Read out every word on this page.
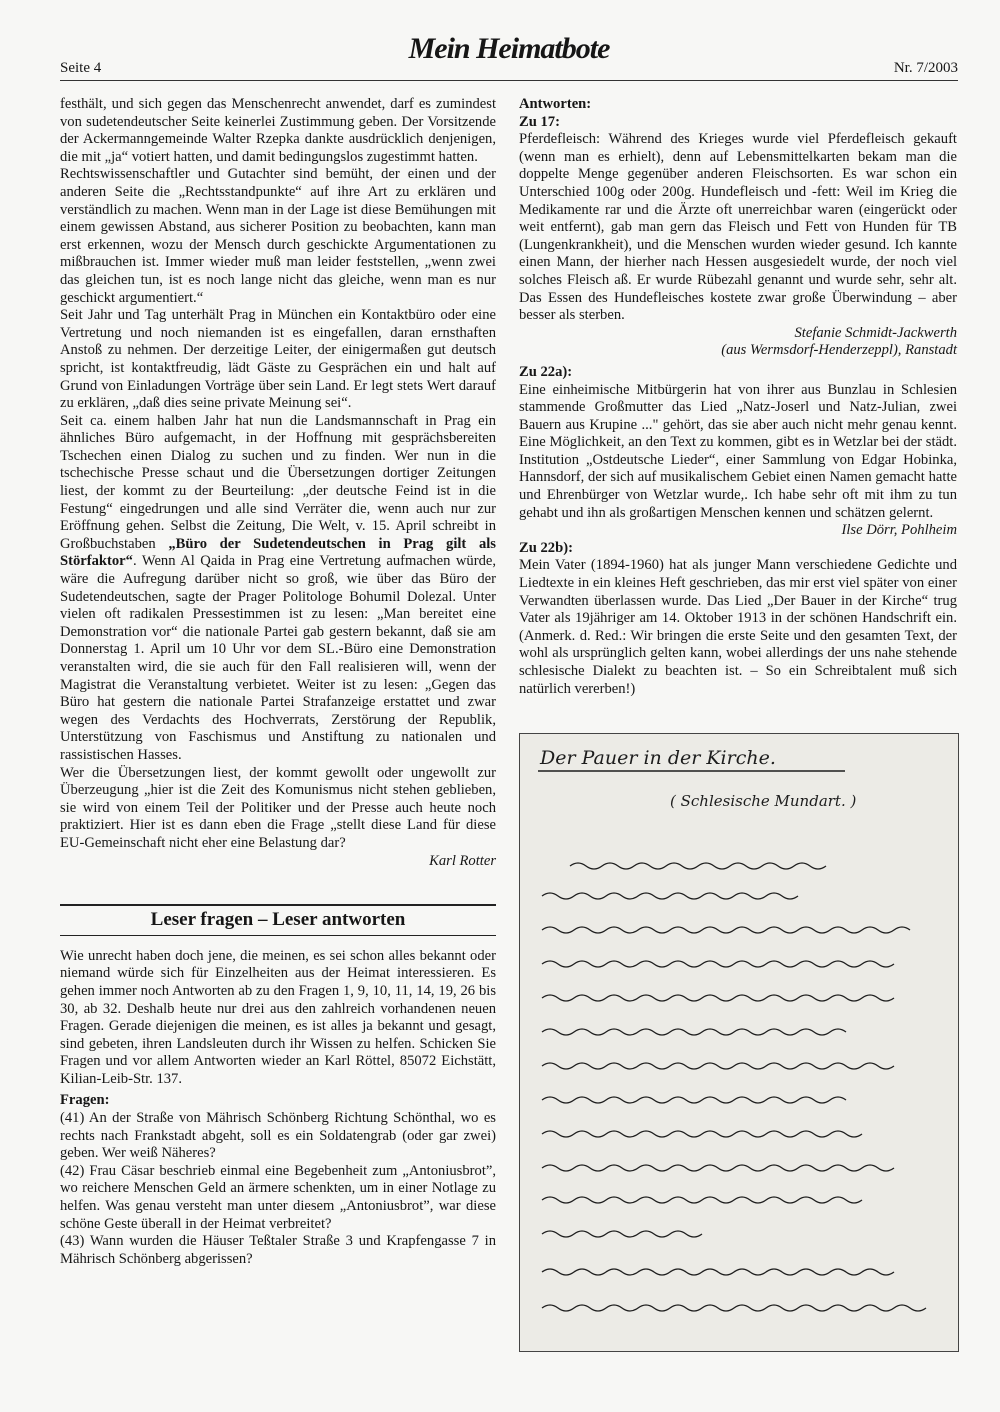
Seite 4
Mein Heimatbote
Nr. 7/2003

festhält, und sich gegen das Menschenrecht anwendet, darf es zumindest von sudetendeutscher Seite keinerlei Zustimmung geben. Der Vorsitzende der Ackermanngemeinde Walter Rzepka dankte ausdrücklich denjenigen, die mit „ja“ votiert hatten, und damit bedingungslos zugestimmt hatten.

Rechtswissenschaftler und Gutachter sind bemüht, der einen und der anderen Seite die „Rechtsstandpunkte“ auf ihre Art zu erklären und verständlich zu machen. Wenn man in der Lage ist diese Bemühungen mit einem gewissen Abstand, aus sicherer Position zu beobachten, kann man erst erkennen, wozu der Mensch durch geschickte Argumentationen zu mißbrauchen ist. Immer wieder muß man leider feststellen, „wenn zwei das gleichen tun, ist es noch lange nicht das gleiche, wenn man es nur geschickt argumentiert.“

Seit Jahr und Tag unterhält Prag in München ein Kontaktbüro oder eine Vertretung und noch niemanden ist es eingefallen, daran ernsthaften Anstoß zu nehmen. Der derzeitige Leiter, der einigermaßen gut deutsch spricht, ist kontaktfreudig, lädt Gäste zu Gesprächen ein und halt auf Grund von Einladungen Vorträge über sein Land. Er legt stets Wert darauf zu erklären, „daß dies seine private Meinung sei“.

Seit ca. einem halben Jahr hat nun die Landsmannschaft in Prag ein ähnliches Büro aufgemacht, in der Hoffnung mit gesprächsbereiten Tschechen einen Dialog zu suchen und zu finden. Wer nun in die tschechische Presse schaut und die Übersetzungen dortiger Zeitungen liest, der kommt zu der Beurteilung: „der deutsche Feind ist in die Festung“ eingedrungen und alle sind Verräter die, wenn auch nur zur Eröffnung gehen. Selbst die Zeitung, Die Welt, v. 15. April schreibt in Großbuchstaben „Büro der Sudetendeutschen in Prag gilt als Störfaktor“. Wenn Al Qaida in Prag eine Vertretung aufmachen würde, wäre die Aufregung darüber nicht so groß, wie über das Büro der Sudetendeutschen, sagte der Prager Politologe Bohumil Dolezal. Unter vielen oft radikalen Pressestimmen ist zu lesen: „Man bereitet eine Demonstration vor“ die nationale Partei gab gestern bekannt, daß sie am Donnerstag 1. April um 10 Uhr vor dem SL.-Büro eine Demonstration veranstalten wird, die sie auch für den Fall realisieren will, wenn der Magistrat die Veranstaltung verbietet. Weiter ist zu lesen: „Gegen das Büro hat gestern die nationale Partei Strafanzeige erstattet und zwar wegen des Verdachts des Hochverrats, Zerstörung der Republik, Unterstützung von Faschismus und Anstiftung zu nationalen und rassistischen Hasses.

Wer die Übersetzungen liest, der kommt gewollt oder ungewollt zur Überzeugung „hier ist die Zeit des Komunismus nicht stehen geblieben, sie wird von einem Teil der Politiker und der Presse auch heute noch praktiziert. Hier ist es dann eben die Frage „stellt diese Land für diese EU-Gemeinschaft nicht eher eine Belastung dar?

Karl Rotter

Leser fragen – Leser antworten

Wie unrecht haben doch jene, die meinen, es sei schon alles bekannt oder niemand würde sich für Einzelheiten aus der Heimat interessieren. Es gehen immer noch Antworten ab zu den Fragen 1, 9, 10, 11, 14, 19, 26 bis 30, ab 32. Deshalb heute nur drei aus den zahlreich vorhandenen neuen Fragen. Gerade diejenigen die meinen, es ist alles ja bekannt und gesagt, sind gebeten, ihren Landsleuten durch ihr Wissen zu helfen. Schicken Sie Fragen und vor allem Antworten wieder an Karl Röttel, 85072 Eichstätt, Kilian-Leib-Str. 137.

Fragen:

(41) An der Straße von Mährisch Schönberg Richtung Schönthal, wo es rechts nach Frankstadt abgeht, soll es ein Soldatengrab (oder gar zwei) geben. Wer weiß Näheres?

(42) Frau Cäsar beschrieb einmal eine Begebenheit zum „Antoniusbrot”, wo reichere Menschen Geld an ärmere schenkten, um in einer Notlage zu helfen. Was genau versteht man unter diesem „Antoniusbrot”, war diese schöne Geste überall in der Heimat verbreitet?

(43) Wann wurden die Häuser Teßtaler Straße 3 und Krapfengasse 7 in Mährisch Schönberg abgerissen?

Antworten:

Zu 17:

Pferdefleisch: Während des Krieges wurde viel Pferdefleisch gekauft (wenn man es erhielt), denn auf Lebensmittelkarten bekam man die doppelte Menge gegenüber anderen Fleischsorten. Es war schon ein Unterschied 100g oder 200g. Hundefleisch und -fett: Weil im Krieg die Medikamente rar und die Ärzte oft unerreichbar waren (eingerückt oder weit entfernt), gab man gern das Fleisch und Fett von Hunden für TB (Lungenkrankheit), und die Menschen wurden wieder gesund. Ich kannte einen Mann, der hierher nach Hessen ausgesiedelt wurde, der noch viel solches Fleisch aß. Er wurde Rübezahl genannt und wurde sehr, sehr alt. Das Essen des Hundefleisches kostete zwar große Überwindung – aber besser als sterben.

Stefanie Schmidt-Jackwerth

(aus Wermsdorf-Henderzeppl), Ranstadt

Zu 22a):

Eine einheimische Mitbürgerin hat von ihrer aus Bunzlau in Schlesien stammende Großmutter das Lied „Natz-Joserl und Natz-Julian, zwei Bauern aus Krupine ..." gehört, das sie aber auch nicht mehr genau kennt. Eine Möglichkeit, an den Text zu kommen, gibt es in Wetzlar bei der städt. Institution „Ostdeutsche Lieder“, einer Sammlung von Edgar Hobinka, Hannsdorf, der sich auf musikalischem Gebiet einen Namen gemacht hatte und Ehrenbürger von Wetzlar wurde,. Ich habe sehr oft mit ihm zu tun gehabt und ihn als großartigen Menschen kennen und schätzen gelernt.

Ilse Dörr, Pohlheim

Zu 22b):

Mein Vater (1894-1960) hat als junger Mann verschiedene Gedichte und Liedtexte in ein kleines Heft geschrieben, das mir erst viel später von einer Verwandten überlassen wurde. Das Lied „Der Bauer in der Kirche“ trug Vater als 19jähriger am 14. Oktober 1913 in der schönen Handschrift ein. (Anmerk. d. Red.: Wir bringen die erste Seite und den gesamten Text, der wohl als ursprünglich gelten kann, wobei allerdings der uns nahe stehende schlesische Dialekt zu beachten ist. – So ein Schreibtalent muß sich natürlich vererben!)

Der Pauer in der Kirche.
( Schlesische Mundart. )
